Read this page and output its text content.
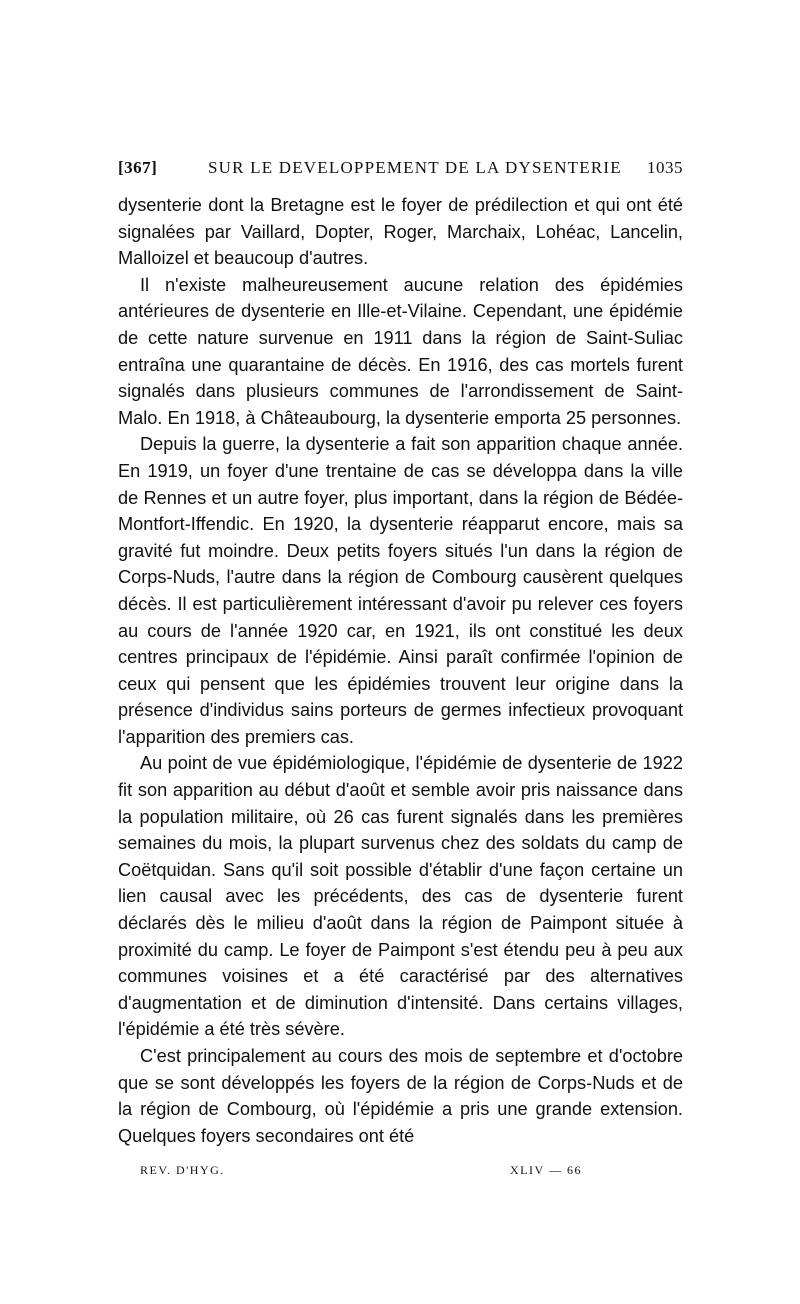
[367]	SUR LE DEVELOPPEMENT DE LA DYSENTERIE 1035

dysenterie dont la Bretagne est le foyer de prédilection et qui ont été signalées par Vaillard, Dopter, Roger, Marchaix, Lohéac, Lancelin, Malloizel et beaucoup d'autres.

Il n'existe malheureusement aucune relation des épidémies antérieures de dysenterie en Ille-et-Vilaine. Cependant, une épidémie de cette nature survenue en 1911 dans la région de Saint-Suliac entraîna une quarantaine de décès. En 1916, des cas mortels furent signalés dans plusieurs communes de l'arrondissement de Saint-Malo. En 1918, à Châteaubourg, la dysenterie emporta 25 personnes.

Depuis la guerre, la dysenterie a fait son apparition chaque année. En 1919, un foyer d'une trentaine de cas se développa dans la ville de Rennes et un autre foyer, plus important, dans la région de Bédée-Montfort-Iffendic. En 1920, la dysenterie réapparut encore, mais sa gravité fut moindre. Deux petits foyers situés l'un dans la région de Corps-Nuds, l'autre dans la région de Combourg causèrent quelques décès. Il est particulièrement intéressant d'avoir pu relever ces foyers au cours de l'année 1920 car, en 1921, ils ont constitué les deux centres principaux de l'épidémie. Ainsi paraît confirmée l'opinion de ceux qui pensent que les épidémies trouvent leur origine dans la présence d'individus sains porteurs de germes infectieux provoquant l'apparition des premiers cas.

Au point de vue épidémiologique, l'épidémie de dysenterie de 1922 fit son apparition au début d'août et semble avoir pris naissance dans la population militaire, où 26 cas furent signalés dans les premières semaines du mois, la plupart survenus chez des soldats du camp de Coëtquidan. Sans qu'il soit possible d'établir d'une façon certaine un lien causal avec les précédents, des cas de dysenterie furent déclarés dès le milieu d'août dans la région de Paimpont située à proximité du camp. Le foyer de Paimpont s'est étendu peu à peu aux communes voisines et a été caractérisé par des alternatives d'augmentation et de diminution d'intensité. Dans certains villages, l'épidémie a été très sévère.

C'est principalement au cours des mois de septembre et d'octobre que se sont développés les foyers de la région de Corps-Nuds et de la région de Combourg, où l'épidémie a pris une grande extension. Quelques foyers secondaires ont été

REV. D'HYG.	XLIV — 66
